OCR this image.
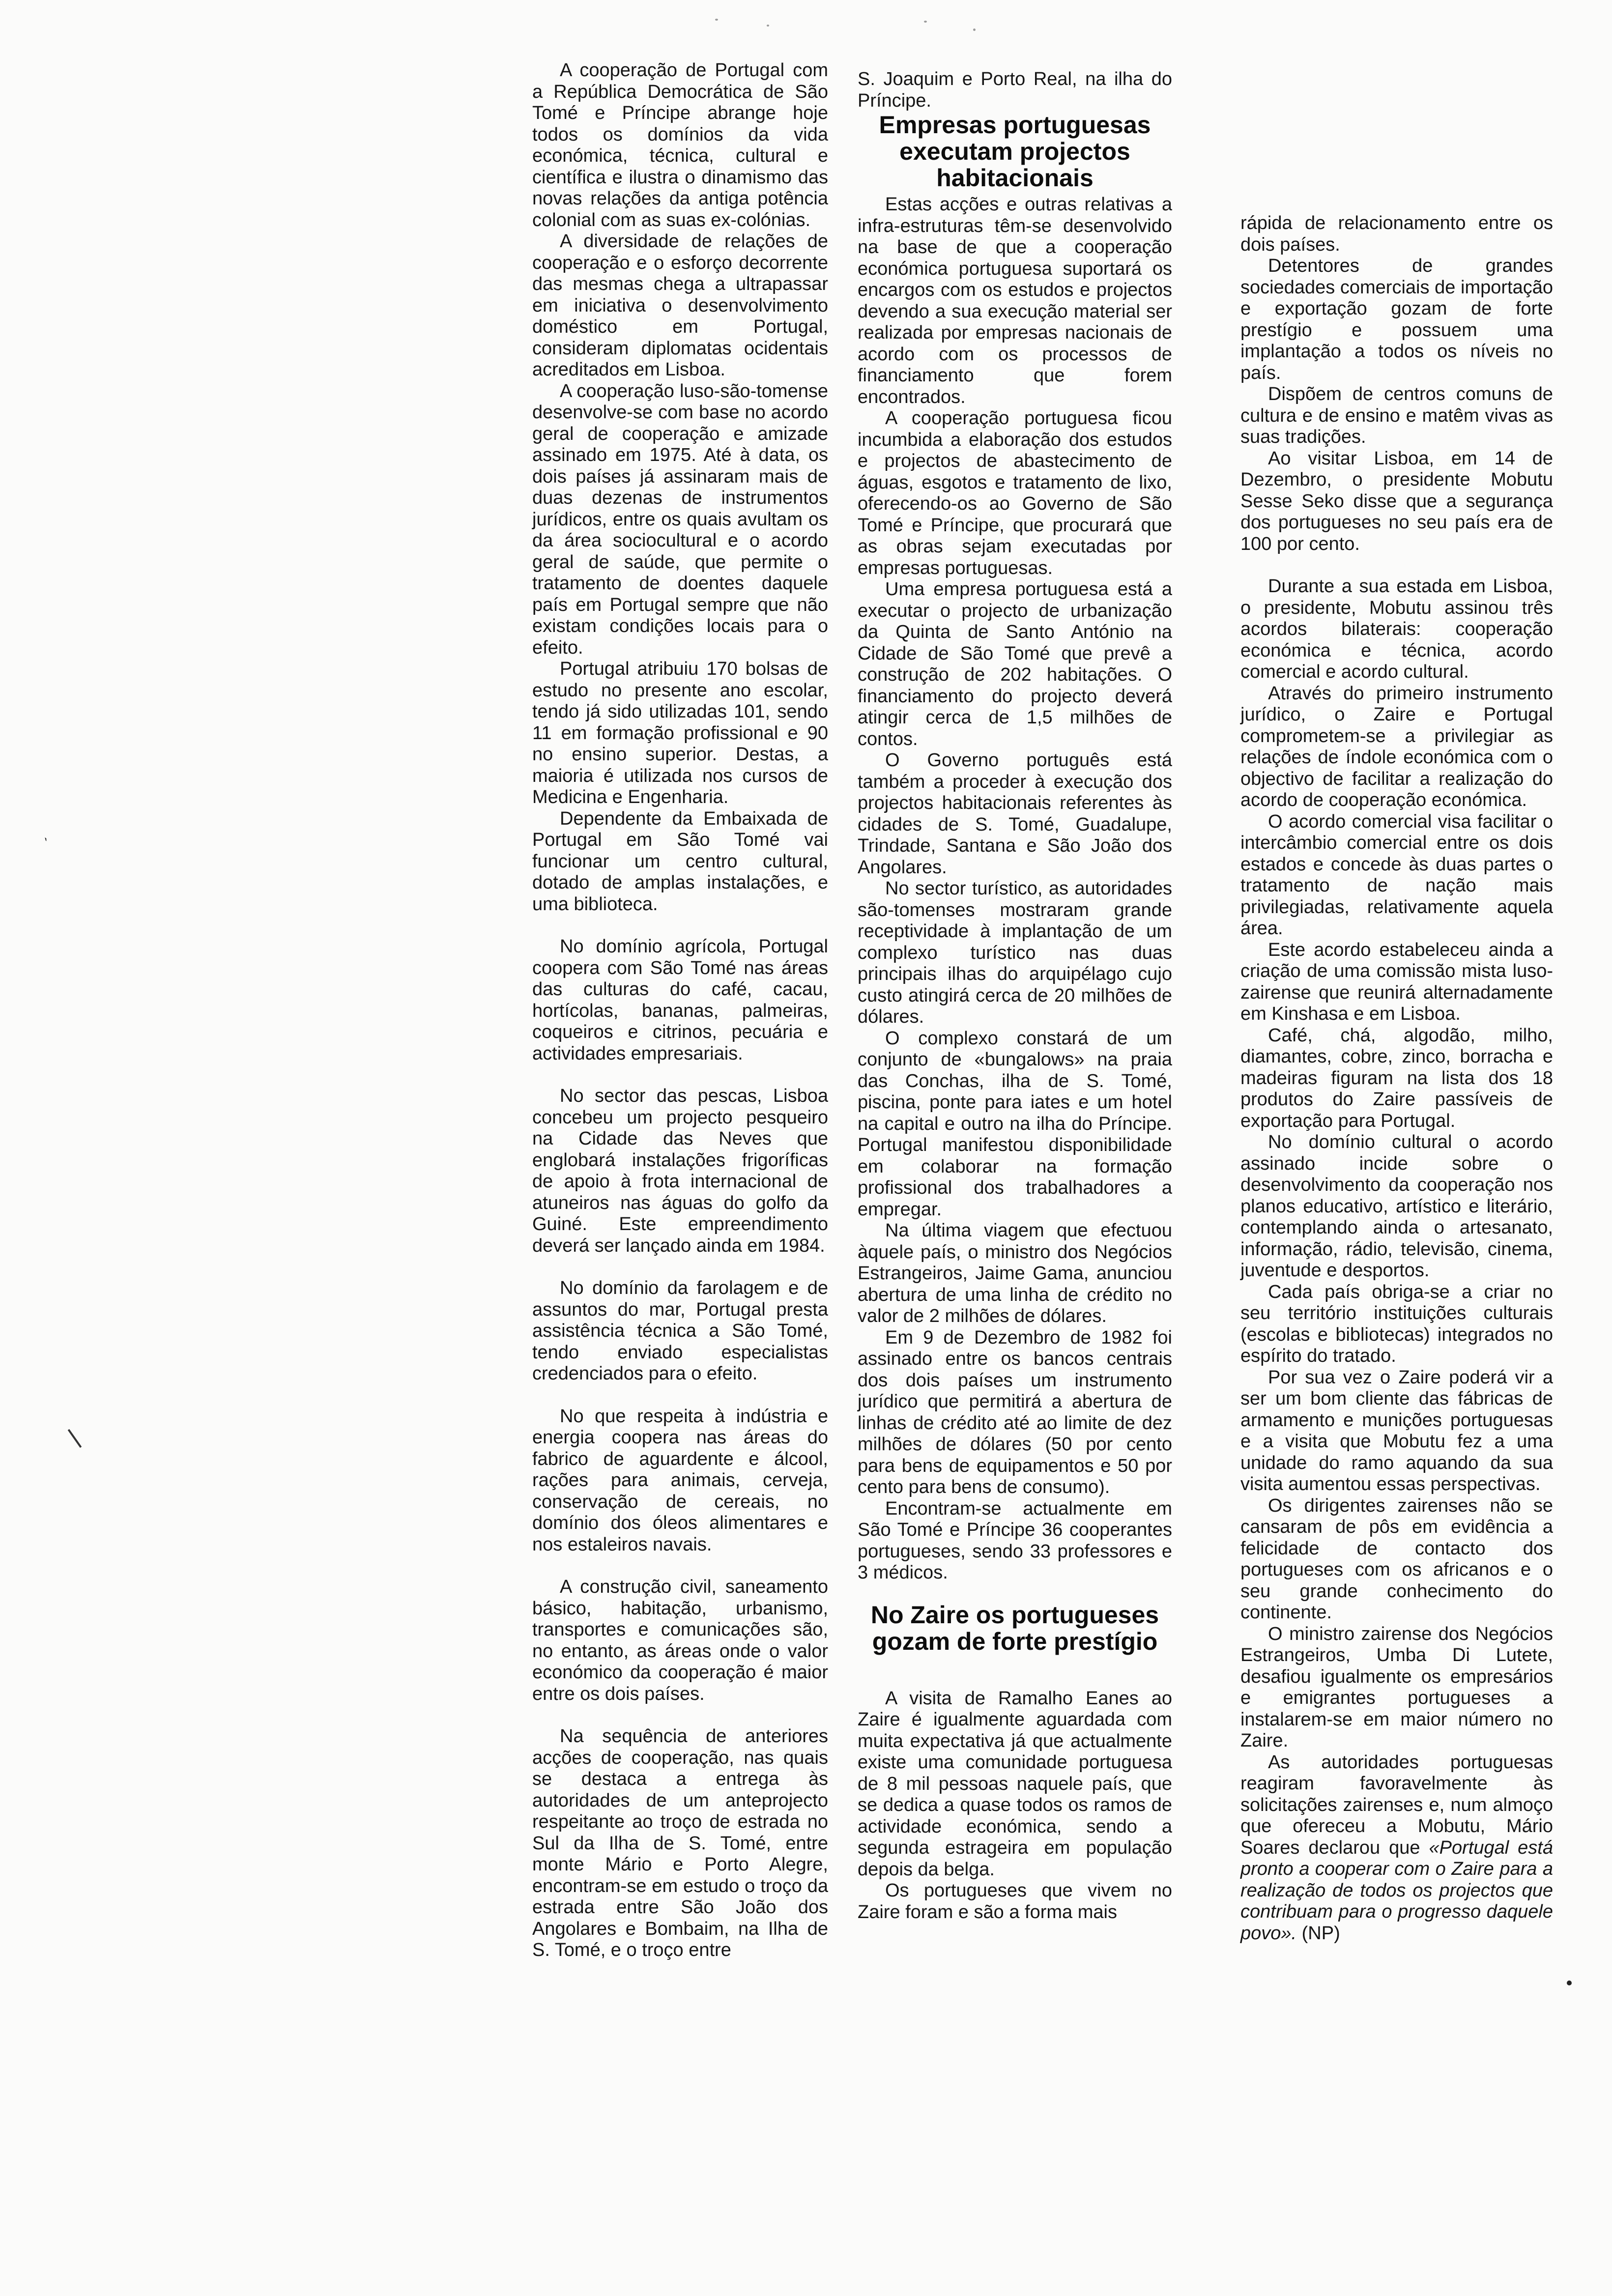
A cooperação de Portugal com a República Democrática de São Tomé e Príncipe abrange hoje todos os domínios da vida económica, técnica, cultural e científica e ilustra o dinamismo das novas relações da antiga potência colonial com as suas ex-colónias.

A diversidade de relações de cooperação e o esforço decorrente das mesmas chega a ultrapassar em iniciativa o desenvolvimento doméstico em Portugal, consideram diplomatas ocidentais acreditados em Lisboa.

A cooperação luso-são-tomense desenvolve-se com base no acordo geral de cooperação e amizade assinado em 1975. Até à data, os dois países já assinaram mais de duas dezenas de instrumentos jurídicos, entre os quais avultam os da área sociocultural e o acordo geral de saúde, que permite o tratamento de doentes daquele país em Portugal sempre que não existam condições locais para o efeito.

Portugal atribuiu 170 bolsas de estudo no presente ano escolar, tendo já sido utilizadas 101, sendo 11 em formação profissional e 90 no ensino superior. Destas, a maioria é utilizada nos cursos de Medicina e Engenharia.

Dependente da Embaixada de Portugal em São Tomé vai funcionar um centro cultural, dotado de amplas instalações, e uma biblioteca.

No domínio agrícola, Portugal coopera com São Tomé nas áreas das culturas do café, cacau, hortícolas, bananas, palmeiras, coqueiros e citrinos, pecuária e actividades empresariais.

No sector das pescas, Lisboa concebeu um projecto pesqueiro na Cidade das Neves que englobará instalações frigoríficas de apoio à frota internacional de atuneiros nas águas do golfo da Guiné. Este empreendimento deverá ser lançado ainda em 1984.

No domínio da farolagem e de assuntos do mar, Portugal presta assistência técnica a São Tomé, tendo enviado especialistas credenciados para o efeito.

No que respeita à indústria e energia coopera nas áreas do fabrico de aguardente e álcool, rações para animais, cerveja, conservação de cereais, no domínio dos óleos alimentares e nos estaleiros navais.

A construção civil, saneamento básico, habitação, urbanismo, transportes e comunicações são, no entanto, as áreas onde o valor económico da cooperação é maior entre os dois países.

Na sequência de anteriores acções de cooperação, nas quais se destaca a entrega às autoridades de um anteprojecto respeitante ao troço de estrada no Sul da Ilha de S. Tomé, entre monte Mário e Porto Alegre, encontram-se em estudo o troço da estrada entre São João dos Angolares e Bombaim, na Ilha de S. Tomé, e o troço entre

S. Joaquim e Porto Real, na ilha do Príncipe.

Empresas portuguesas executam projectos habitacionais

Estas acções e outras relativas a infra-estruturas têm-se desenvolvido na base de que a cooperação económica portuguesa suportará os encargos com os estudos e projectos devendo a sua execução material ser realizada por empresas nacionais de acordo com os processos de financiamento que forem encontrados.

A cooperação portuguesa ficou incumbida a elaboração dos estudos e projectos de abastecimento de águas, esgotos e tratamento de lixo, oferecendo-os ao Governo de São Tomé e Príncipe, que procurará que as obras sejam executadas por empresas portuguesas.

Uma empresa portuguesa está a executar o projecto de urbanização da Quinta de Santo António na Cidade de São Tomé que prevê a construção de 202 habitações. O financiamento do projecto deverá atingir cerca de 1,5 milhões de contos.

O Governo português está também a proceder à execução dos projectos habitacionais referentes às cidades de S. Tomé, Guadalupe, Trindade, Santana e São João dos Angolares.

No sector turístico, as autoridades são-tomenses mostraram grande receptividade à implantação de um complexo turístico nas duas principais ilhas do arquipélago cujo custo atingirá cerca de 20 milhões de dólares.

O complexo constará de um conjunto de «bungalows» na praia das Conchas, ilha de S. Tomé, piscina, ponte para iates e um hotel na capital e outro na ilha do Príncipe. Portugal manifestou disponibilidade em colaborar na formação profissional dos trabalhadores a empregar.

Na última viagem que efectuou àquele país, o ministro dos Negócios Estrangeiros, Jaime Gama, anunciou abertura de uma linha de crédito no valor de 2 milhões de dólares.

Em 9 de Dezembro de 1982 foi assinado entre os bancos centrais dos dois países um instrumento jurídico que permitirá a abertura de linhas de crédito até ao limite de dez milhões de dólares (50 por cento para bens de equipamentos e 50 por cento para bens de consumo).

Encontram-se actualmente em São Tomé e Príncipe 36 cooperantes portugueses, sendo 33 professores e 3 médicos.

No Zaire os portugueses gozam de forte prestígio

A visita de Ramalho Eanes ao Zaire é igualmente aguardada com muita expectativa já que actualmente existe uma comunidade portuguesa de 8 mil pessoas naquele país, que se dedica a quase todos os ramos de actividade económica, sendo a segunda estrageira em população depois da belga.

Os portugueses que vivem no Zaire foram e são a forma mais

rápida de relacionamento entre os dois países.

Detentores de grandes sociedades comerciais de importação e exportação gozam de forte prestígio e possuem uma implantação a todos os níveis no país.

Dispõem de centros comuns de cultura e de ensino e matêm vivas as suas tradições.

Ao visitar Lisboa, em 14 de Dezembro, o presidente Mobutu Sesse Seko disse que a segurança dos portugueses no seu país era de 100 por cento.

Durante a sua estada em Lisboa, o presidente, Mobutu assinou três acordos bilaterais: cooperação económica e técnica, acordo comercial e acordo cultural.

Através do primeiro instrumento jurídico, o Zaire e Portugal comprometem-se a privilegiar as relações de índole económica com o objectivo de facilitar a realização do acordo de cooperação económica.

O acordo comercial visa facilitar o intercâmbio comercial entre os dois estados e concede às duas partes o tratamento de nação mais privilegiadas, relativamente aquela área.

Este acordo estabeleceu ainda a criação de uma comissão mista luso-zairense que reunirá alternadamente em Kinshasa e em Lisboa.

Café, chá, algodão, milho, diamantes, cobre, zinco, borracha e madeiras figuram na lista dos 18 produtos do Zaire passíveis de exportação para Portugal.

No domínio cultural o acordo assinado incide sobre o desenvolvimento da cooperação nos planos educativo, artístico e literário, contemplando ainda o artesanato, informação, rádio, televisão, cinema, juventude e desportos.

Cada país obriga-se a criar no seu território instituições culturais (escolas e bibliotecas) integrados no espírito do tratado.

Por sua vez o Zaire poderá vir a ser um bom cliente das fábricas de armamento e munições portuguesas e a visita que Mobutu fez a uma unidade do ramo aquando da sua visita aumentou essas perspectivas.

Os dirigentes zairenses não se cansaram de pôs em evidência a felicidade de contacto dos portugueses com os africanos e o seu grande conhecimento do continente.

O ministro zairense dos Negócios Estrangeiros, Umba Di Lutete, desafiou igualmente os empresários e emigrantes portugueses a instalarem-se em maior número no Zaire.

As autoridades portuguesas reagiram favoravelmente às solicitações zairenses e, num almoço que ofereceu a Mobutu, Mário Soares declarou que «Portugal está pronto a cooperar com o Zaire para a realização de todos os projectos que contribuam para o progresso daquele povo». (NP)

`
